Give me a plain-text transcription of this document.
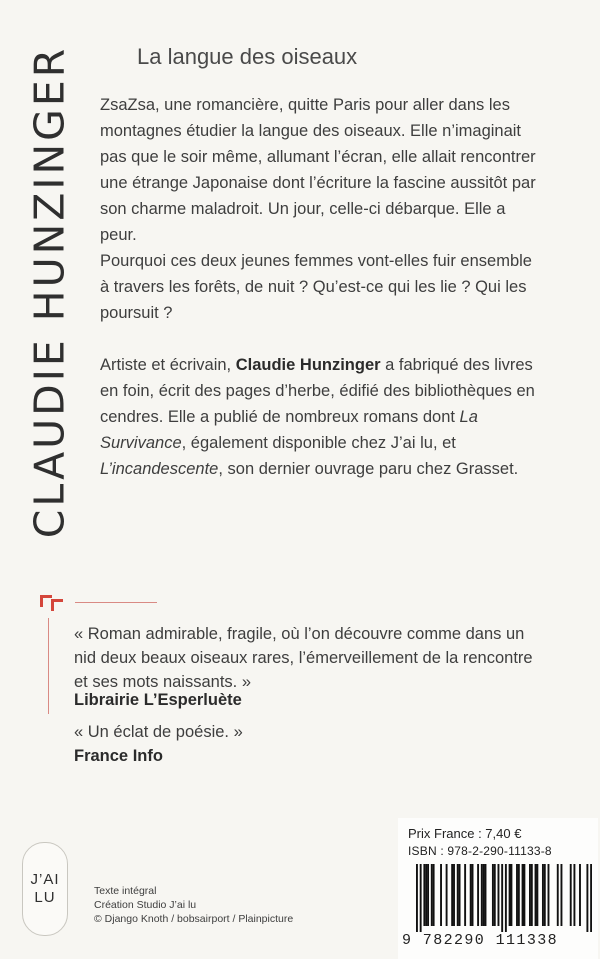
CLAUDIE HUNZINGER	La langue des oiseaux
ZsaZsa, une romancière, quitte Paris pour aller dans les montagnes étudier la langue des oiseaux. Elle n’imaginait pas que le soir même, allumant l’écran, elle allait rencontrer une étrange Japonaise dont l’écriture la fascine aussitôt par son charme maladroit. Un jour, celle-ci débarque. Elle a peur.
Pourquoi ces deux jeunes femmes vont-elles fuir ensemble à travers les forêts, de nuit ? Qu’est-ce qui les lie ? Qui les poursuit ?
Artiste et écrivain, Claudie Hunzinger a fabriqué des livres en foin, écrit des pages d’herbe, édifié des bibliothèques en cendres. Elle a publié de nombreux romans dont La Survivance, également disponible chez J’ai lu, et L’incandescente, son dernier ouvrage paru chez Grasset.
« Roman admirable, fragile, où l’on découvre comme dans un nid deux beaux oiseaux rares, l’émerveillement de la rencontre et ses mots naissants. »
Librairie L’Esperluète
« Un éclat de poésie. »
France Info
J’AI
LU	Texte intégral
Création Studio J’ai lu
© Django Knoth / bobsairport / Plainpicture
Prix France : 7,40 €
ISBN : 978-2-290-11133-8
9 782290 111338
